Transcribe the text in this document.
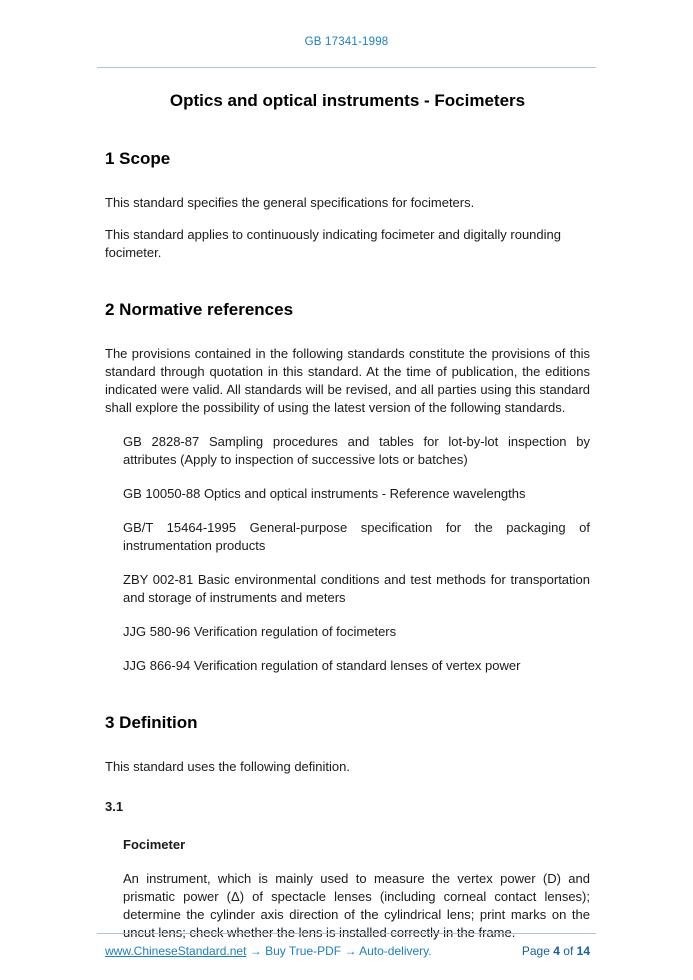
GB 17341-1998
Optics and optical instruments - Focimeters
1 Scope

This standard specifies the general specifications for focimeters.

This standard applies to continuously indicating focimeter and digitally rounding focimeter.

2 Normative references

The provisions contained in the following standards constitute the provisions of this standard through quotation in this standard. At the time of publication, the editions indicated were valid. All standards will be revised, and all parties using this standard shall explore the possibility of using the latest version of the following standards.

GB 2828-87 Sampling procedures and tables for lot-by-lot inspection by attributes (Apply to inspection of successive lots or batches)

GB 10050-88 Optics and optical instruments - Reference wavelengths

GB/T 15464-1995 General-purpose specification for the packaging of instrumentation products

ZBY 002-81 Basic environmental conditions and test methods for transportation and storage of instruments and meters

JJG 580-96 Verification regulation of focimeters

JJG 866-94 Verification regulation of standard lenses of vertex power

3 Definition

This standard uses the following definition.

3.1

Focimeter

An instrument, which is mainly used to measure the vertex power (D) and prismatic power (Δ) of spectacle lenses (including corneal contact lenses); determine the cylinder axis direction of the cylindrical lens; print marks on the uncut lens; check whether the lens is installed correctly in the frame.

www.ChineseStandard.net → Buy True-PDF → Auto-delivery.	Page 4 of 14
